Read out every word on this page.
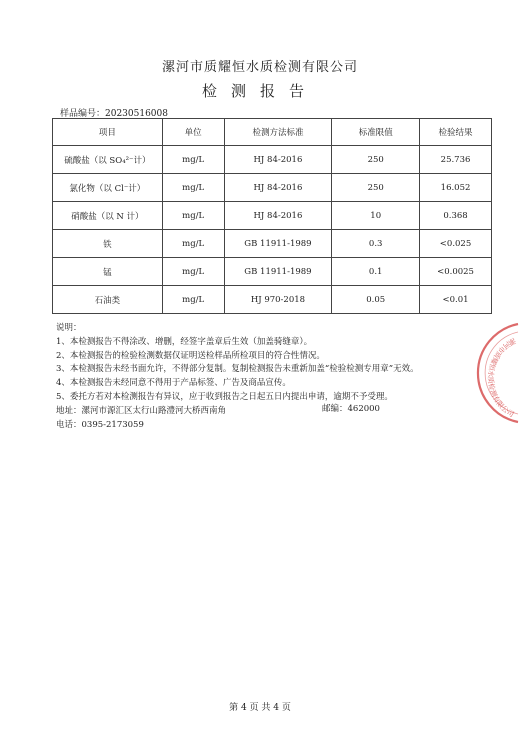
漯河市质耀恒水质检测有限公司
检测报告
样品编号：20230516008
项目	单位	检测方法标准	标准限值	检验结果
硫酸盐（以 SO₄²⁻计）	mg/L	HJ 84-2016	250	25.736
氯化物（以 Cl⁻计）	mg/L	HJ 84-2016	250	16.052
硝酸盐（以 N 计）	mg/L	HJ 84-2016	10	0.368
铁	mg/L	GB 11911-1989	0.3	<0.025
锰	mg/L	GB 11911-1989	0.1	<0.0025
石油类	mg/L	HJ 970-2018	0.05	<0.01
说明：
1、本检测报告不得涂改、增删，经签字盖章后生效（加盖骑缝章）。
2、本检测报告的检验检测数据仅证明送检样品所检项目的符合性情况。
3、本检测报告未经书面允许，不得部分复制。复制检测报告未重新加盖“检验检测专用章”无效。
4、本检测报告未经同意不得用于产品标签、广告及商品宣传。
5、委托方若对本检测报告有异议，应于收到报告之日起五日内提出申请，逾期不予受理。
地址：漯河市源汇区太行山路澧河大桥西南角
电话：0395-2173059
邮编：462000
漯河市质耀恒水质检测有限公司
第 4 页 共 4 页
